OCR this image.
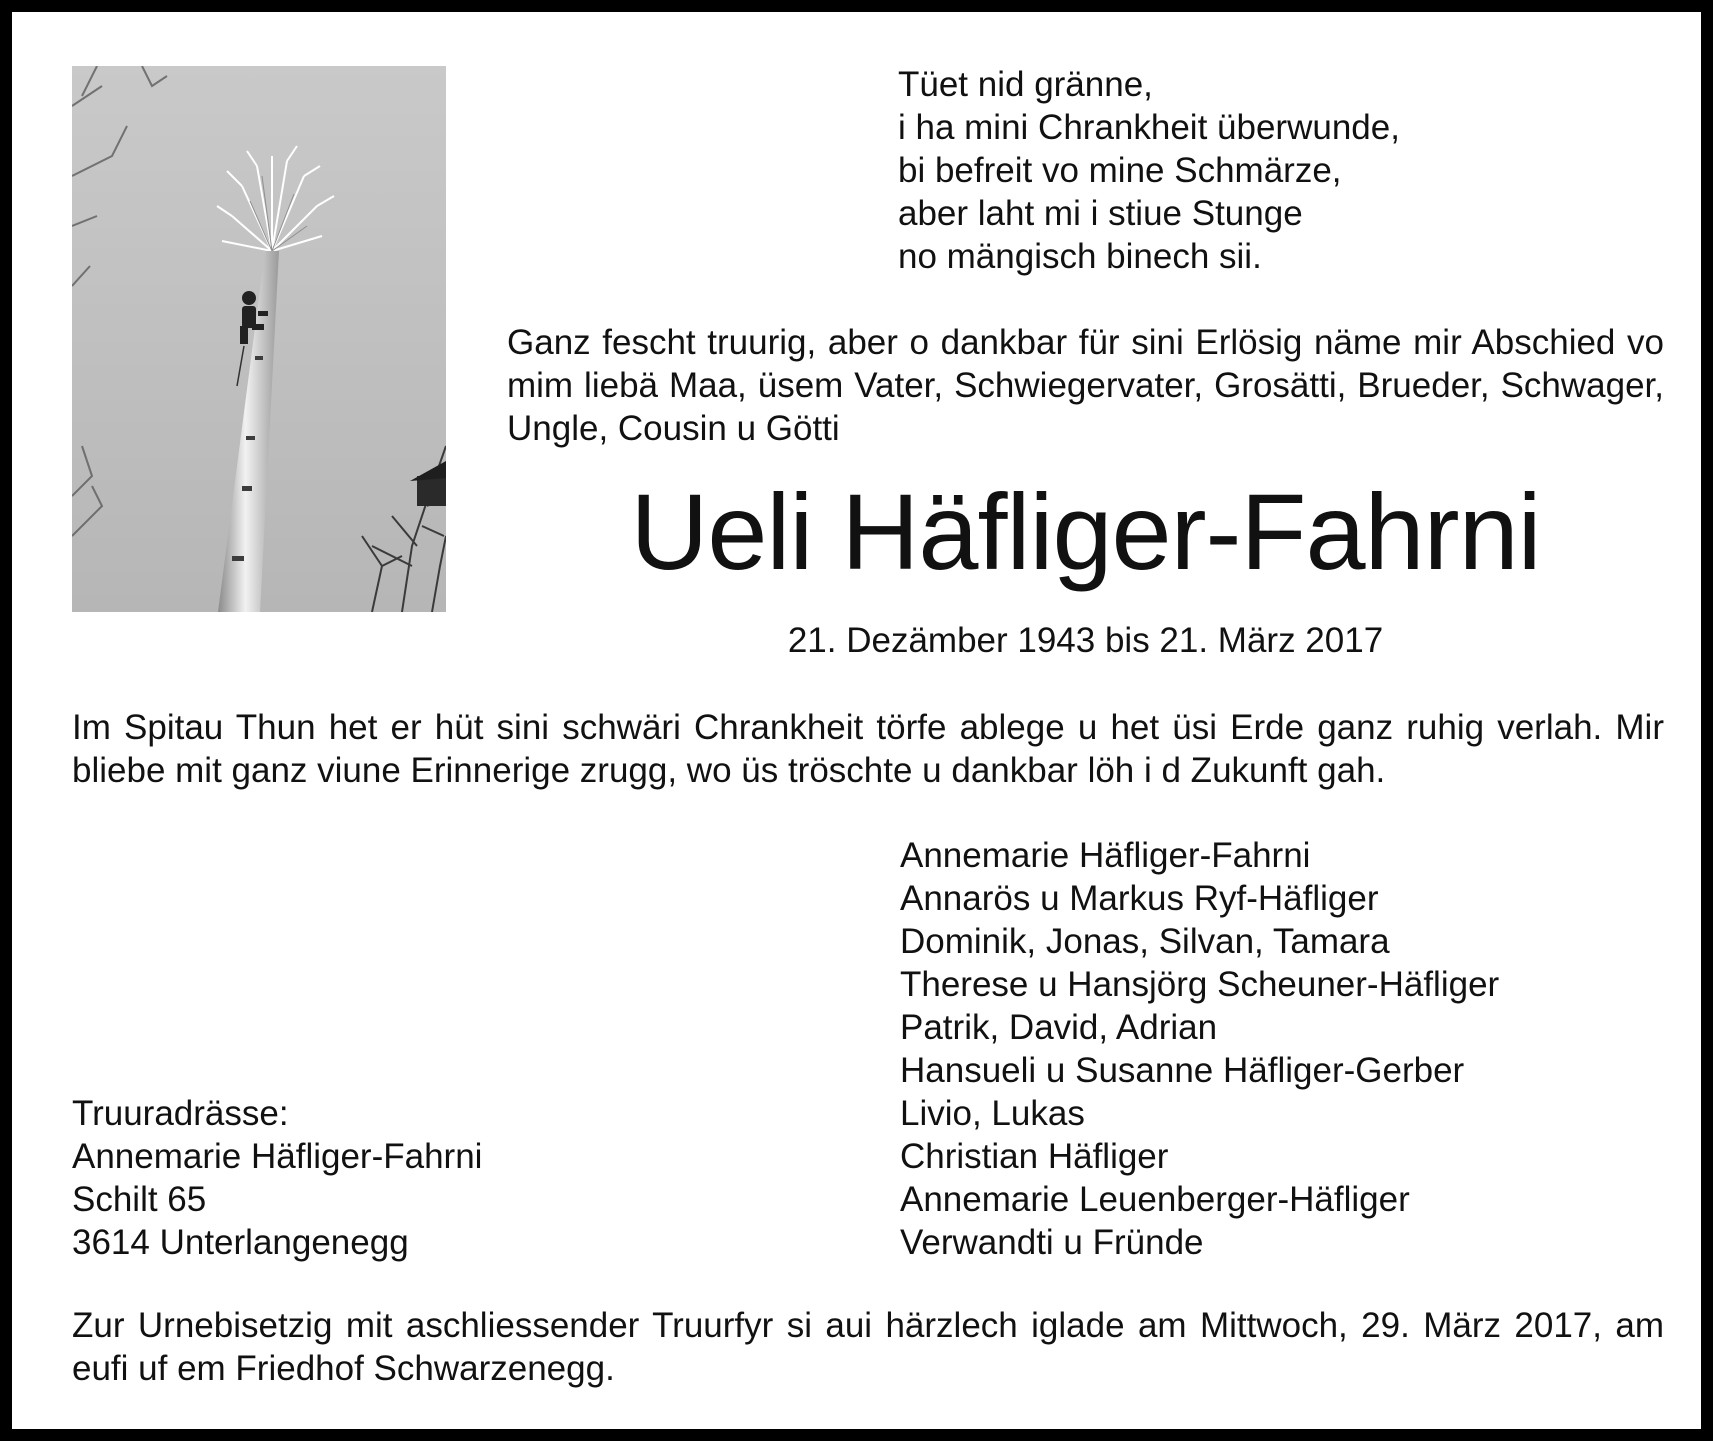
Tüet nid gränne,
i ha mini Chrankheit überwunde,
bi befreit vo mine Schmärze,
aber laht mi i stiue Stunge
no mängisch binech sii.
Ganz fescht truurig, aber o dankbar für sini Erlösig näme mir Abschied vo mim liebä Maa, üsem Vater, Schwiegervater, Grosätti, Brueder, Schwager, Ungle, Cousin u Götti
Ueli Häfliger-Fahrni
21. Dezämber 1943 bis 21. März 2017
Im Spitau Thun het er hüt sini schwäri Chrankheit törfe ablege u het üsi Erde ganz ruhig verlah. Mir bliebe mit ganz viune Erinnerige zrugg, wo üs tröschte u dankbar löh i d Zukunft gah.
Annemarie Häfliger-Fahrni
Annarös u Markus Ryf-Häfliger
Dominik, Jonas, Silvan, Tamara
Therese u Hansjörg Scheuner-Häfliger
Patrik, David, Adrian
Hansueli u Susanne Häfliger-Gerber
Livio, Lukas
Christian Häfliger
Annemarie Leuenberger-Häfliger
Verwandti u Fründe
Truuradrässe:
Annemarie Häfliger-Fahrni
Schilt 65
3614 Unterlangenegg
Zur Urnebisetzig mit aschliessender Truurfyr si aui härzlech iglade am Mittwoch, 29. März 2017, am eufi uf em Friedhof Schwarzenegg.
